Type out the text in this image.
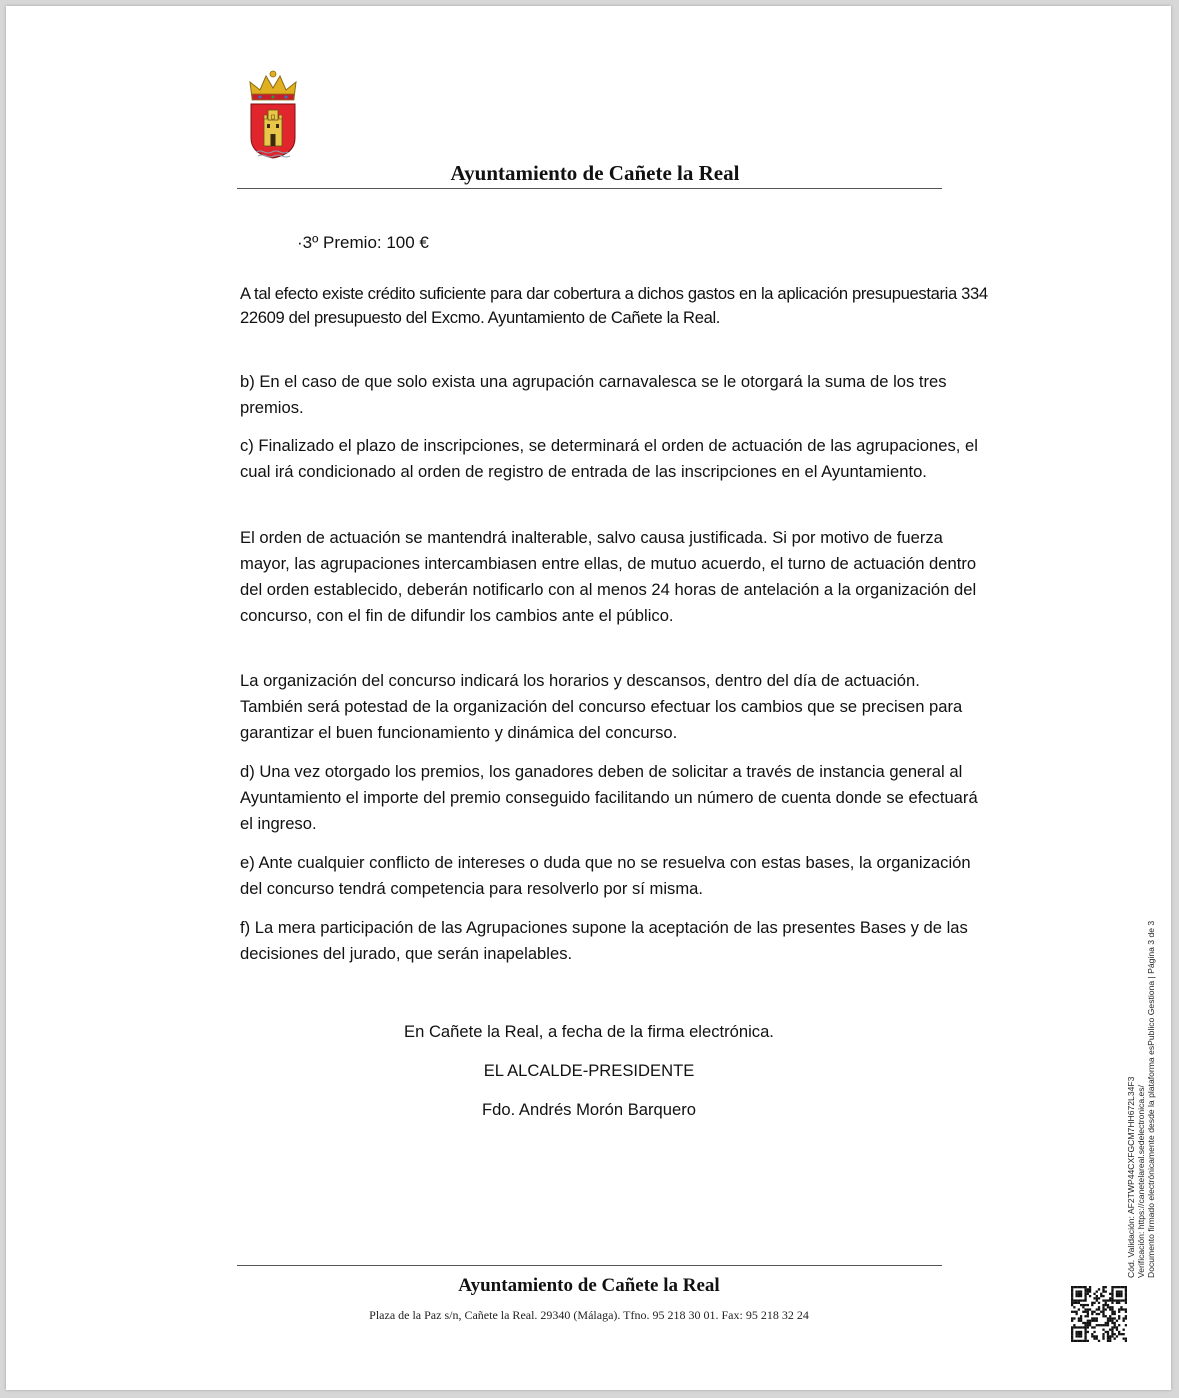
Ayuntamiento de Cañete la Real
·3º Premio: 100 €

A tal efecto existe crédito suficiente para dar cobertura a dichos gastos en la aplicación presupuestaria 334 22609 del presupuesto del Excmo. Ayuntamiento de Cañete la Real.

b) En el caso de que solo exista una agrupación carnavalesca se le otorgará la suma de los tres premios.

c) Finalizado el plazo de inscripciones, se determinará el orden de actuación de las agrupaciones, el cual irá condicionado al orden de registro de entrada de las inscripciones en el Ayuntamiento.

El orden de actuación se mantendrá inalterable, salvo causa justificada. Si por motivo de fuerza mayor, las agrupaciones intercambiasen entre ellas, de mutuo acuerdo, el turno de actuación dentro del orden establecido, deberán notificarlo con al menos 24 horas de antelación a la organización del concurso, con el fin de difundir los cambios ante el público.

La organización del concurso indicará los horarios y descansos, dentro del día de actuación. También será potestad de la organización del concurso efectuar los cambios que se precisen para garantizar el buen funcionamiento y dinámica del concurso.

d) Una vez otorgado los premios, los ganadores deben de solicitar a través de instancia general al Ayuntamiento el importe del premio conseguido facilitando un número de cuenta donde se efectuará el ingreso.

e) Ante cualquier conflicto de intereses o duda que no se resuelva con estas bases, la organización del concurso tendrá competencia para resolverlo por sí misma.

f) La mera participación de las Agrupaciones supone la aceptación de las presentes Bases y de las decisiones del jurado, que serán inapelables.

En Cañete la Real, a fecha de la firma electrónica.
EL ALCALDE-PRESIDENTE
Fdo. Andrés Morón Barquero
Ayuntamiento de Cañete la Real
Plaza de la Paz s/n, Cañete la Real. 29340 (Málaga). Tfno. 95 218 30 01. Fax: 95 218 32 24
Cód. Validación: AF2TWP44CXFGCM7HH672L34F3 Verificación: https://canetelareal.sedelectronica.es/ Documento firmado electrónicamente desde la plataforma esPublico Gestiona | Página 3 de 3
